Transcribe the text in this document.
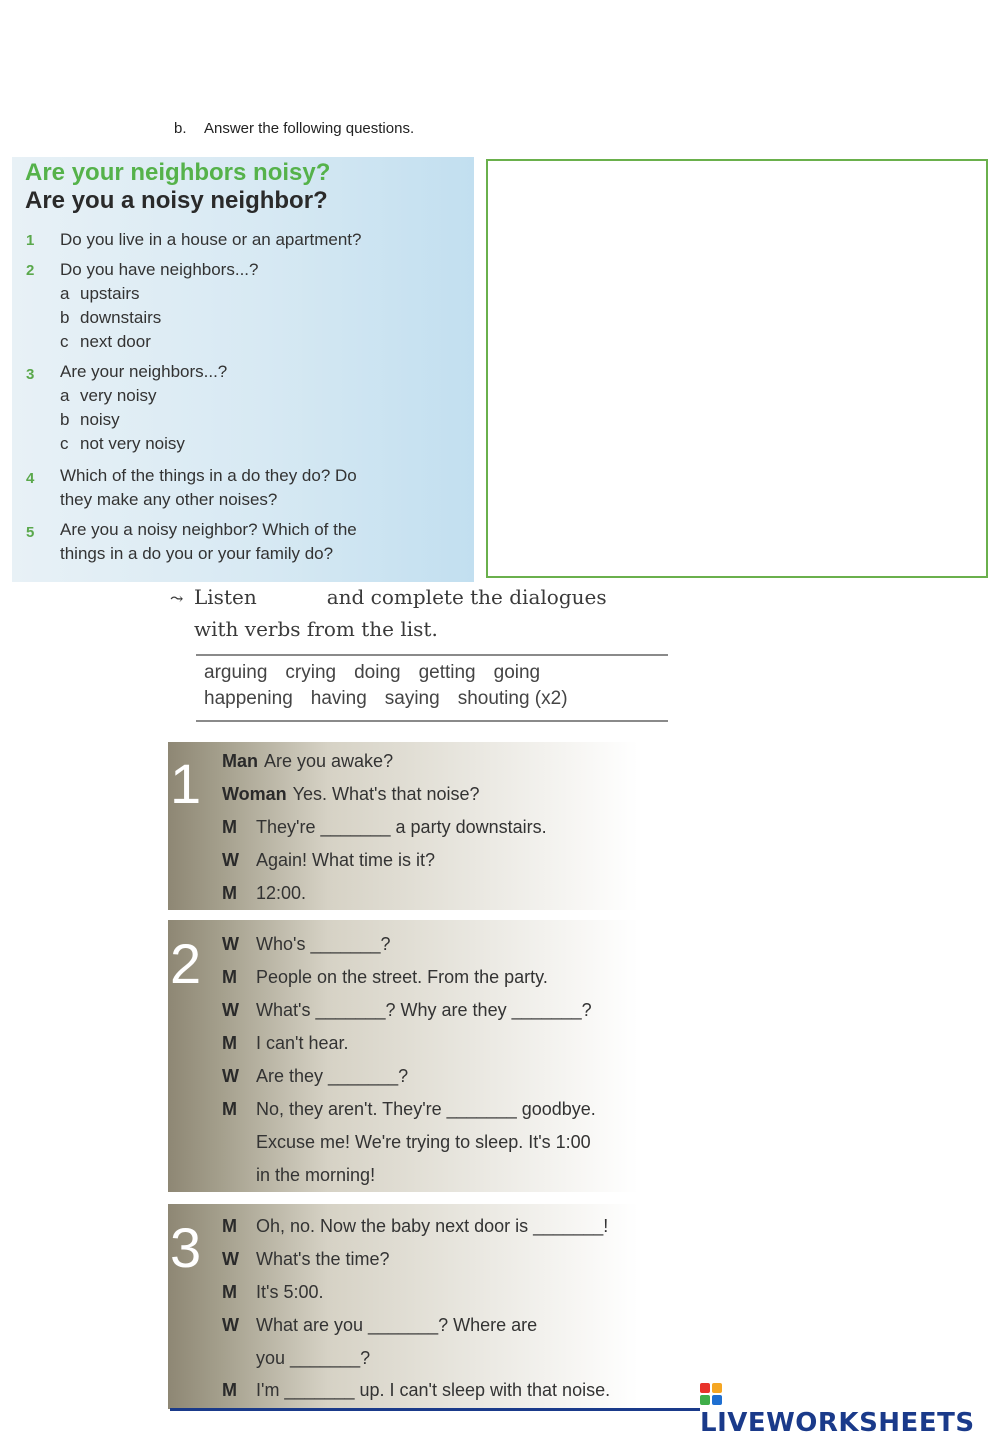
b. Answer the following questions.
Are your neighbors noisy?
Are you a noisy neighbor?
1 Do you live in a house or an apartment?
2 Do you have neighbors...?
a upstairs
b downstairs
c next door
3 Are your neighbors...?
a very noisy
b noisy
c not very noisy
4 Which of the things in a do they do? Do
they make any other noises?
5 Are you a noisy neighbor? Which of the
things in a do you or your family do?
⤳ Listen	and complete the dialogues
with verbs from the list.
arguing crying doing getting going
happening having saying shouting (x2)
1 Man Are you awake?
Woman Yes. What's that noise?
M They're _______ a party downstairs.
W Again! What time is it?
M 12:00.
2 W Who's _______?
M People on the street. From the party.
W What's _______? Why are they _______?
M I can't hear.
W Are they _______?
M No, they aren't. They're _______ goodbye.
Excuse me! We're trying to sleep. It's 1:00
in the morning!
3 M Oh, no. Now the baby next door is _______!
W What's the time?
M It's 5:00.
W What are you _______? Where are
you _______?
M I'm _______ up. I can't sleep with that noise.
LIVEWORKSHEETS
